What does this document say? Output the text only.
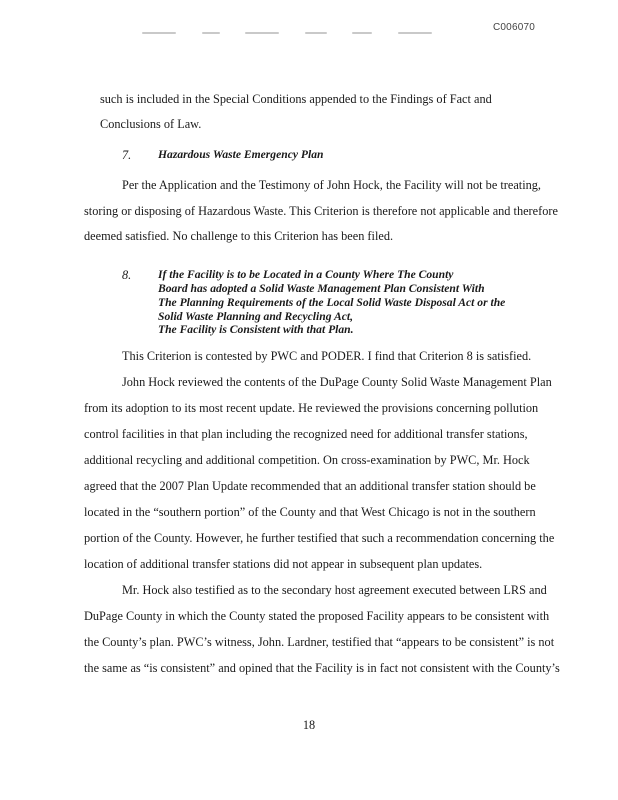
C006070
such is included in the Special Conditions appended to the Findings of Fact and
Conclusions of Law.
7. Hazardous Waste Emergency Plan
Per the Application and the Testimony of John Hock, the Facility will not be treating,
storing or disposing of Hazardous Waste. This Criterion is therefore not applicable and therefore
deemed satisfied. No challenge to this Criterion has been filed.
8. If the Facility is to be Located in a County Where The County
Board has adopted a Solid Waste Management Plan Consistent With
The Planning Requirements of the Local Solid Waste Disposal Act or the
Solid Waste Planning and Recycling Act,
The Facility is Consistent with that Plan.
This Criterion is contested by PWC and PODER. I find that Criterion 8 is satisfied.
John Hock reviewed the contents of the DuPage County Solid Waste Management Plan
from its adoption to its most recent update. He reviewed the provisions concerning pollution
control facilities in that plan including the recognized need for additional transfer stations,
additional recycling and additional competition. On cross-examination by PWC, Mr. Hock
agreed that the 2007 Plan Update recommended that an additional transfer station should be
located in the “southern portion” of the County and that West Chicago is not in the southern
portion of the County. However, he further testified that such a recommendation concerning the
location of additional transfer stations did not appear in subsequent plan updates.
Mr. Hock also testified as to the secondary host agreement executed between LRS and
DuPage County in which the County stated the proposed Facility appears to be consistent with
the County’s plan. PWC’s witness, John. Lardner, testified that “appears to be consistent” is not
the same as “is consistent” and opined that the Facility is in fact not consistent with the County’s
18
